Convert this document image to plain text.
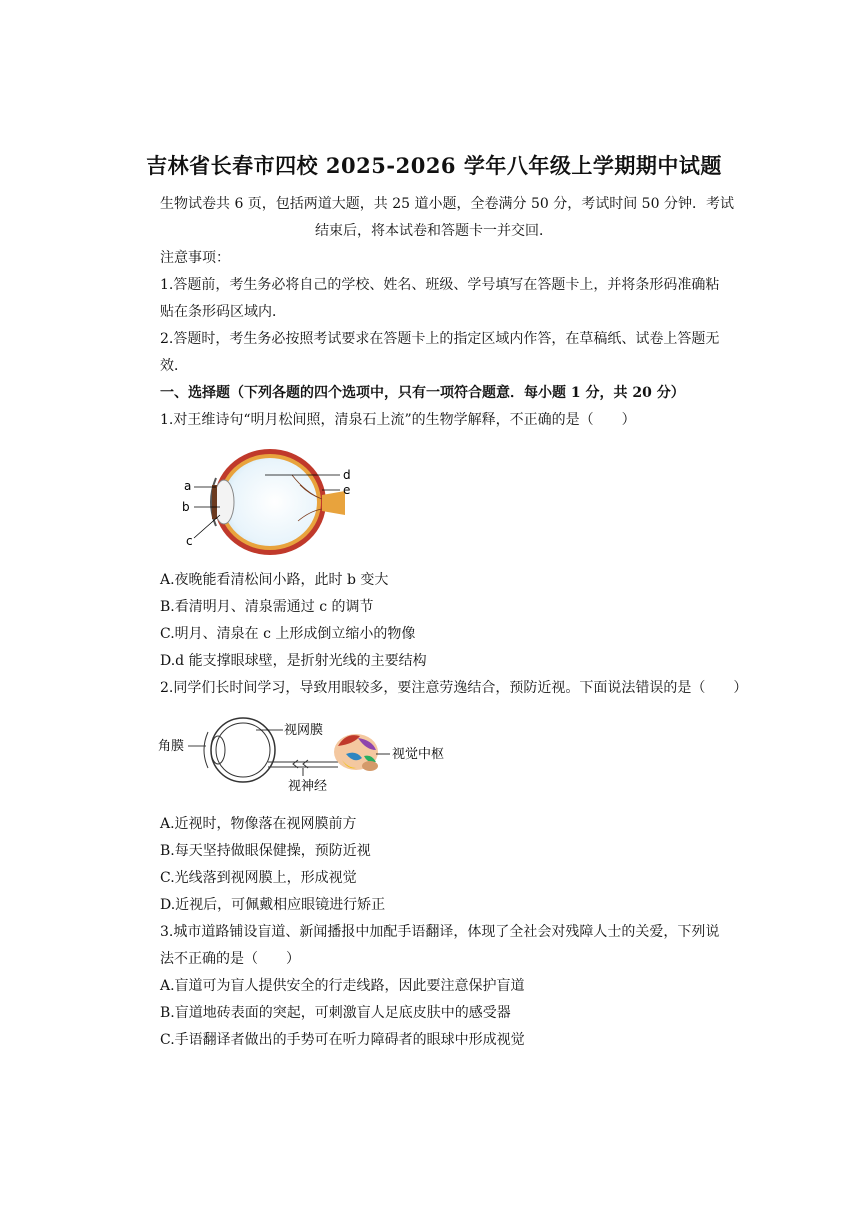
吉林省长春市四校 2025-2026 学年八年级上学期期中试题
生物试卷共 6 页，包括两道大题，共 25 道小题，全卷满分 50 分，考试时间 50 分钟．考试
结束后，将本试卷和答题卡一并交回．
注意事项：
1.答题前，考生务必将自己的学校、姓名、班级、学号填写在答题卡上，并将条形码准确粘
贴在条形码区域内．
2.答题时，考生务必按照考试要求在答题卡上的指定区域内作答，在草稿纸、试卷上答题无
效．
一、选择题（下列各题的四个选项中，只有一项符合题意．每小题 1 分，共 20 分）
1.对王维诗句“明月松间照，清泉石上流”的生物学解释，不正确的是（　　）
a
b
c
d
e
A.夜晚能看清松间小路，此时 b 变大
B.看清明月、清泉需通过 c 的调节
C.明月、清泉在 c 上形成倒立缩小的物像
D.d 能支撑眼球壁，是折射光线的主要结构
2.同学们长时间学习，导致用眼较多，要注意劳逸结合，预防近视。下面说法错误的是（　　）
角膜
视网膜
视神经
视觉中枢
A.近视时，物像落在视网膜前方
B.每天坚持做眼保健操，预防近视
C.光线落到视网膜上，形成视觉
D.近视后，可佩戴相应眼镜进行矫正
3.城市道路铺设盲道、新闻播报中加配手语翻译，体现了全社会对残障人士的关爱，下列说
法不正确的是（　　）
A.盲道可为盲人提供安全的行走线路，因此要注意保护盲道
B.盲道地砖表面的突起，可刺激盲人足底皮肤中的感受器
C.手语翻译者做出的手势可在听力障碍者的眼球中形成视觉
